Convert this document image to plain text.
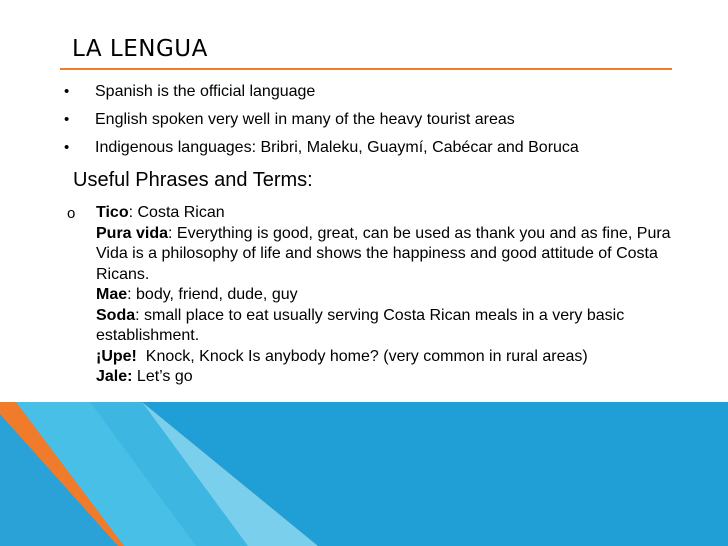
LA LENGUA
•	Spanish is the official language
•	English spoken very well in many of the heavy tourist areas
•	Indigenous languages: Bribri, Maleku, Guaymí, Cabécar and Boruca
Useful Phrases and Terms:
o Tico: Costa Rican
Pura vida: Everything is good, great, can be used as thank you and as fine, Pura Vida is a philosophy of life and shows the happiness and good attitude of Costa Ricans.
Mae: body, friend, dude, guy
Soda: small place to eat usually serving Costa Rican meals in a very basic establishment.
¡Upe! Knock, Knock Is anybody home? (very common in rural areas)
Jale: Let’s go
